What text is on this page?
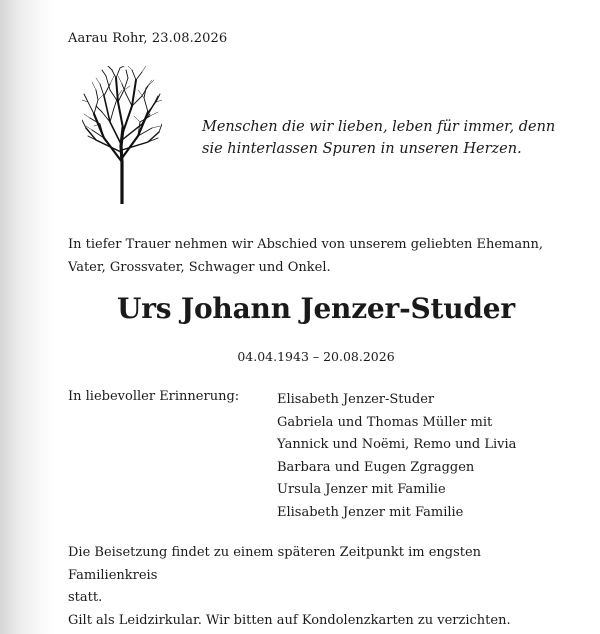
Aarau Rohr, 23.08.2026
Menschen die wir lieben, leben für immer, denn
sie hinterlassen Spuren in unseren Herzen.
In tiefer Trauer nehmen wir Abschied von unserem geliebten Ehemann,
Vater, Grossvater, Schwager und Onkel.
Urs Johann Jenzer-Studer
04.04.1943 – 20.08.2026
In liebevoller Erinnerung:	Elisabeth Jenzer-Studer
Gabriela und Thomas Müller mit
Yannick und Noëmi, Remo und Livia
Barbara und Eugen Zgraggen
Ursula Jenzer mit Familie
Elisabeth Jenzer mit Familie

Die Beisetzung findet zu einem späteren Zeitpunkt im engsten Familienkreis

statt.

Gilt als Leidzirkular. Wir bitten auf Kondolenzkarten zu verzichten.
